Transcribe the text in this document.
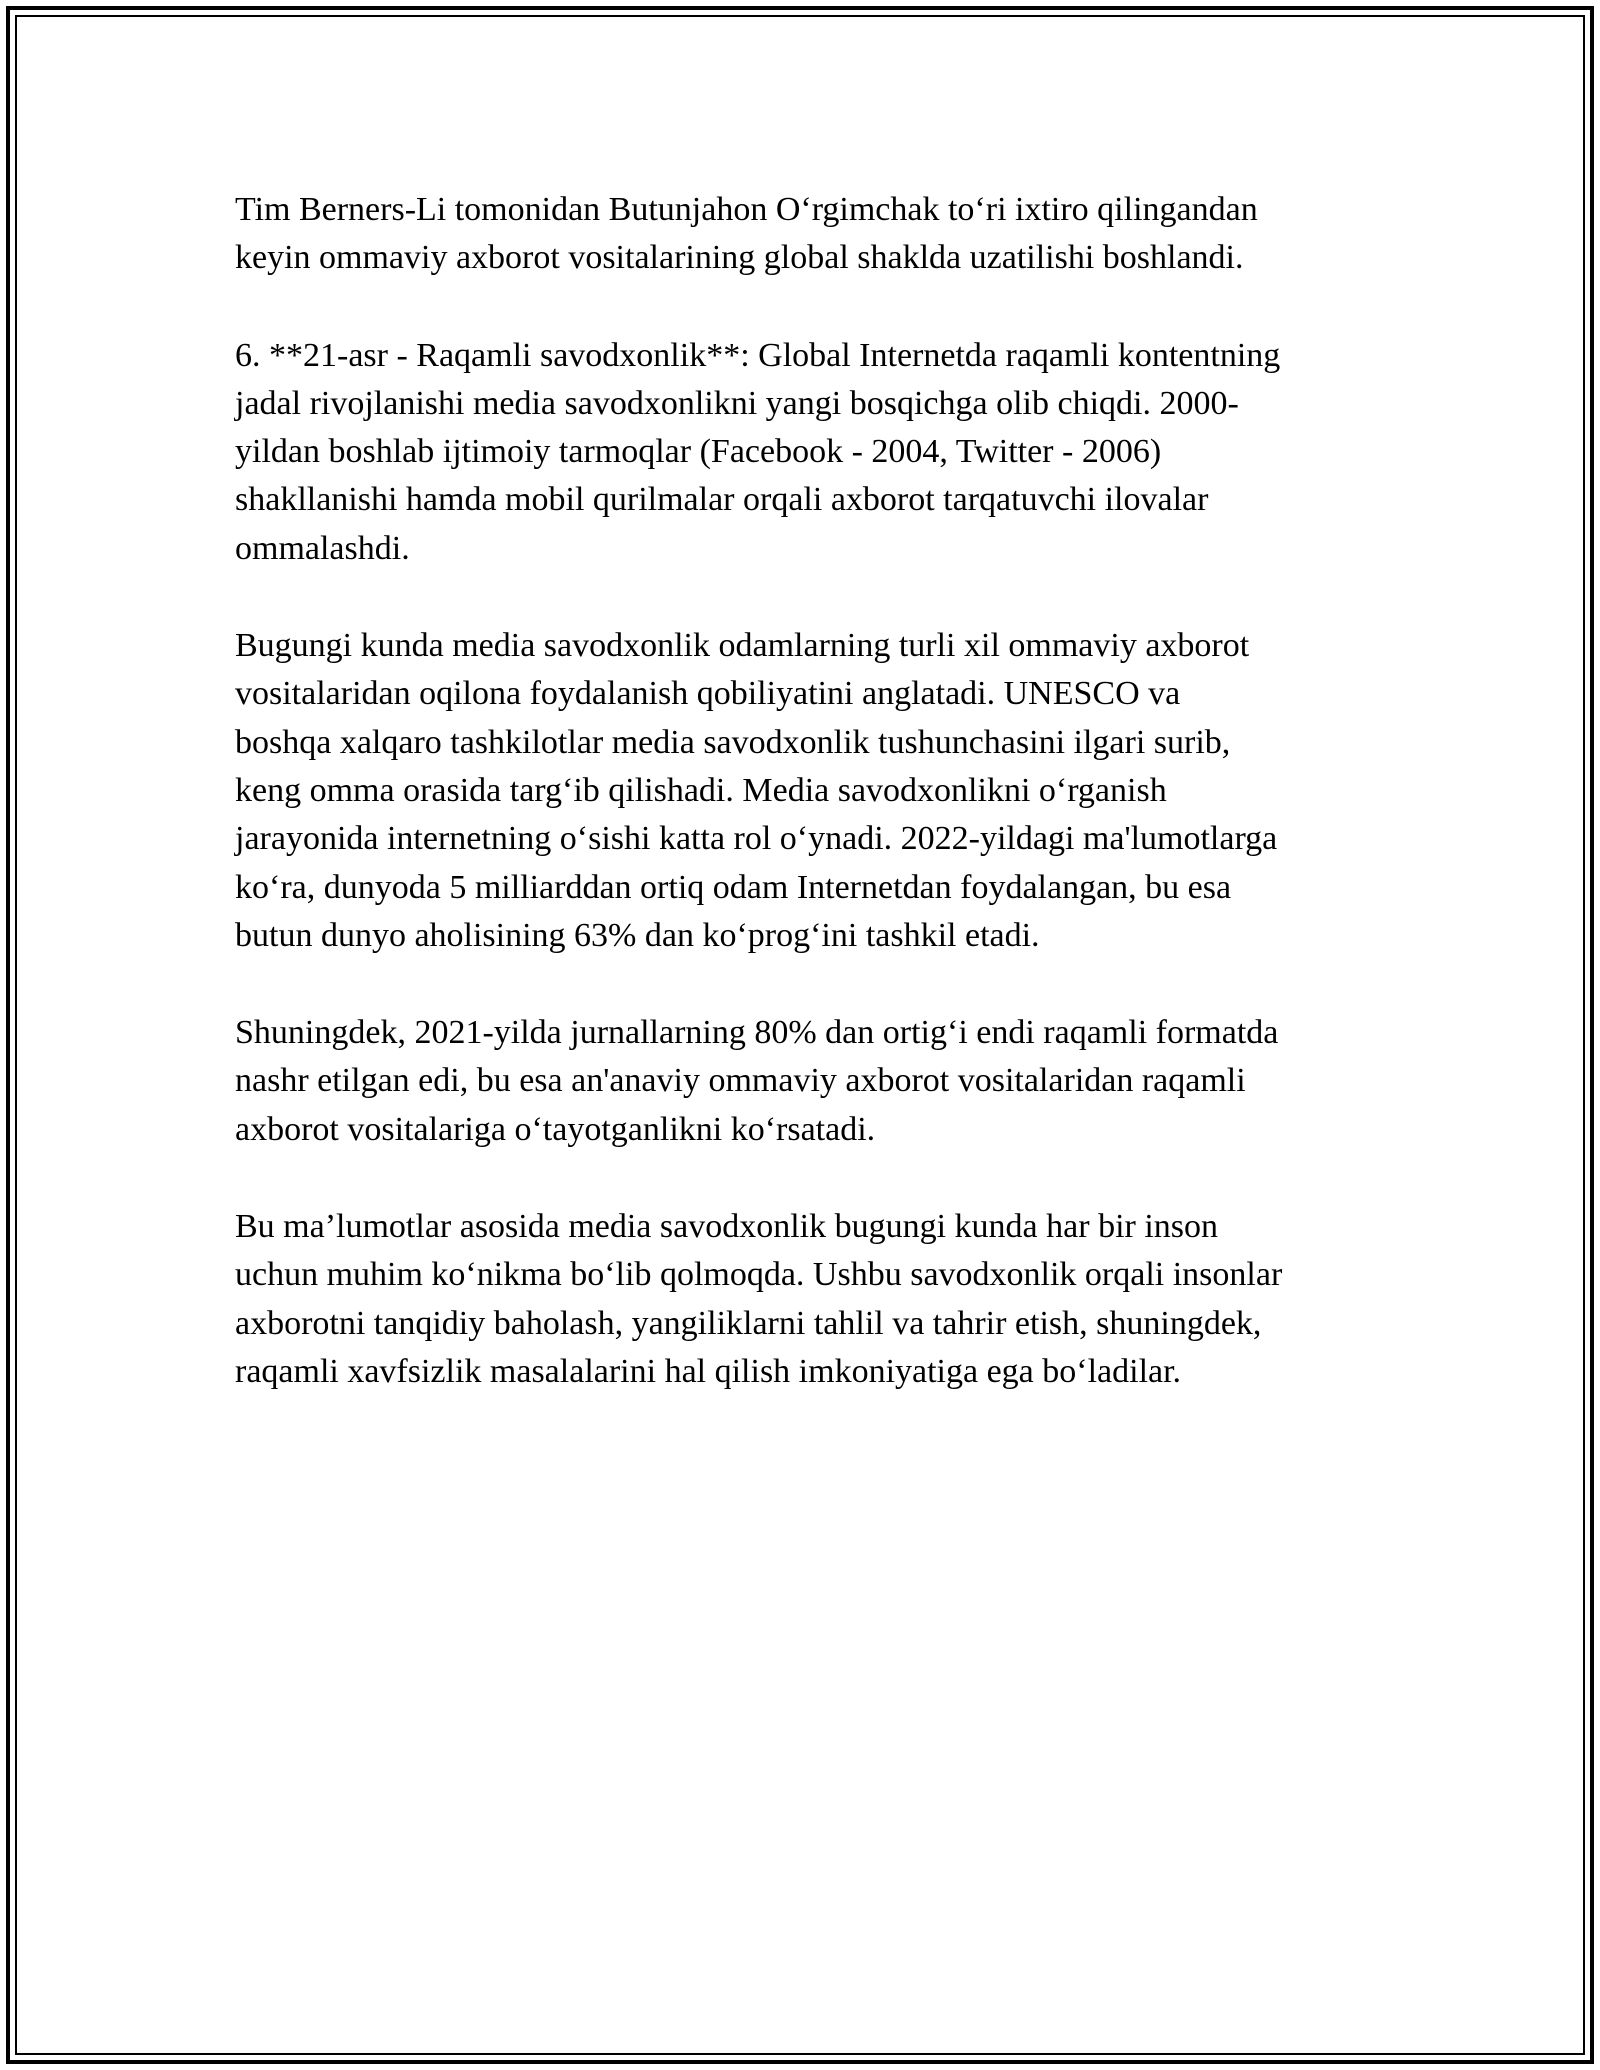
Tim Berners-Li tomonidan Butunjahon O‘rgimchak to‘ri ixtiro qilingandan
keyin ommaviy axborot vositalarining global shakldа uzatilishi boshlandi.

6. **21-asr - Raqamli savodxonlik**: Global Internetda raqamli kontentning
jadal rivojlanishi media savodxonlikni yangi bosqichga olib chiqdi. 2000-
yildan boshlab ijtimoiy tarmoqlar (Facebook - 2004, Twitter - 2006)
shakllanishi hamda mobil qurilmalar orqali axborot tarqatuvchi ilovalar
ommalashdi.

Bugungi kunda media savodxonlik odamlarning turli xil ommaviy axborot
vositalaridan oqilona foydalanish qobiliyatini anglatadi. UNESCO va
boshqa xalqaro tashkilotlar media savodxonlik tushunchasini ilgari surib,
keng omma orasida targ‘ib qilishadi. Media savodxonlikni o‘rganish
jarayonida internetning o‘sishi katta rol o‘ynadi. 2022-yildagi ma'lumotlarga
ko‘ra, dunyoda 5 milliarddan ortiq odam Internetdan foydalangan, bu esa
butun dunyo aholisining 63% dan ko‘prog‘ini tashkil etadi.

Shuningdek, 2021-yilda jurnallarning 80% dan ortig‘i endi raqamli formatda
nashr etilgan edi, bu esa an'anaviy ommaviy axborot vositalaridan raqamli
axborot vositalariga o‘tayotganlikni ko‘rsatadi.

Bu ma’lumotlar asosida media savodxonlik bugungi kunda har bir inson
uchun muhim ko‘nikma bo‘lib qolmoqda. Ushbu savodxonlik orqali insonlar
axborotni tanqidiy baholash, yangiliklarni tahlil va tahrir etish, shuningdek,
raqamli xavfsizlik masalalarini hal qilish imkoniyatiga ega bo‘ladilar.
